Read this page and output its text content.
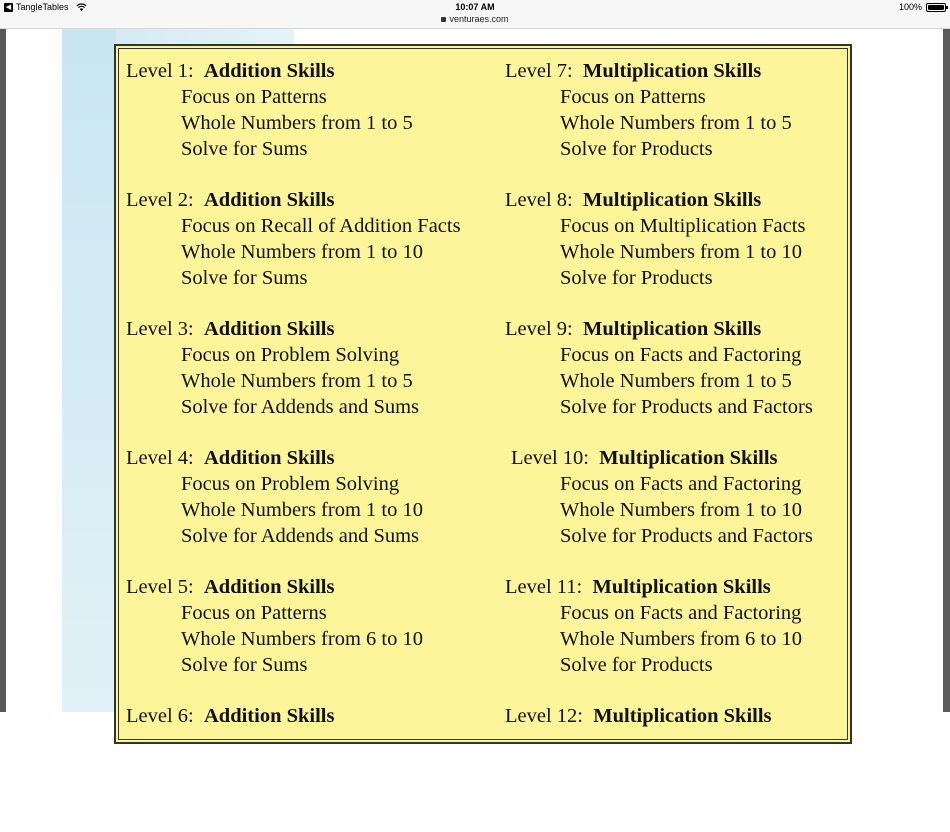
◀ TangleTables	10:07 AM
venturaes.com
100%
Level 1: Addition Skills
Focus on Patterns
Whole Numbers from 1 to 5
Solve for Sums
Level 2: Addition Skills
Focus on Recall of Addition Facts
Whole Numbers from 1 to 10
Solve for Sums
Level 3: Addition Skills
Focus on Problem Solving
Whole Numbers from 1 to 5
Solve for Addends and Sums
Level 4: Addition Skills
Focus on Problem Solving
Whole Numbers from 1 to 10
Solve for Addends and Sums
Level 5: Addition Skills
Focus on Patterns
Whole Numbers from 6 to 10
Solve for Sums
Level 6: Addition Skills
Level 7: Multiplication Skills
Focus on Patterns
Whole Numbers from 1 to 5
Solve for Products
Level 8: Multiplication Skills
Focus on Multiplication Facts
Whole Numbers from 1 to 10
Solve for Products
Level 9: Multiplication Skills
Focus on Facts and Factoring
Whole Numbers from 1 to 5
Solve for Products and Factors
Level 10: Multiplication Skills
Focus on Facts and Factoring
Whole Numbers from 1 to 10
Solve for Products and Factors
Level 11: Multiplication Skills
Focus on Facts and Factoring
Whole Numbers from 6 to 10
Solve for Products
Level 12: Multiplication Skills
